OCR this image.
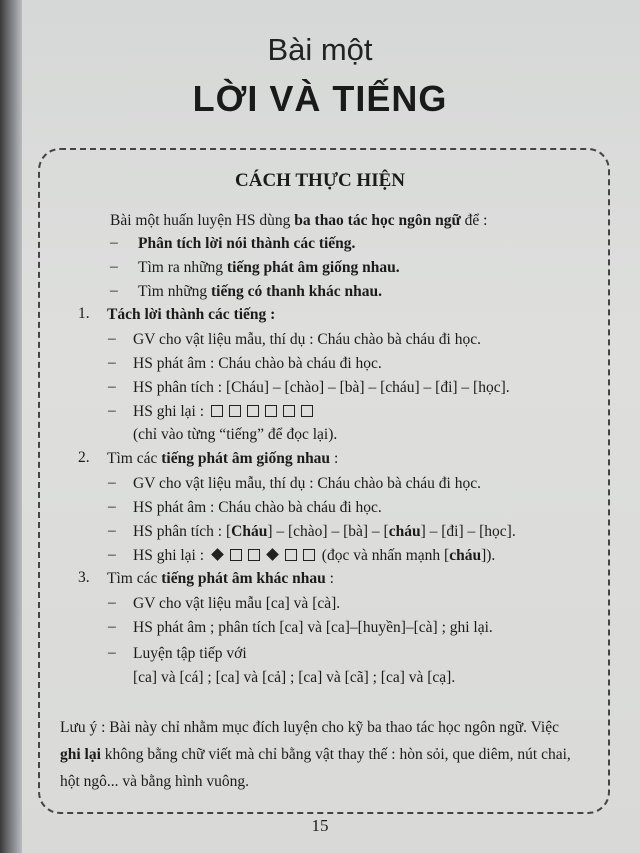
Bài một
LỜI VÀ TIẾNG
CÁCH THỰC HIỆN
Bài một huấn luyện HS dùng ba thao tác học ngôn ngữ để :
– Phân tích lời nói thành các tiếng.
– Tìm ra những tiếng phát âm giống nhau.
– Tìm những tiếng có thanh khác nhau.
1. Tách lời thành các tiếng :
– GV cho vật liệu mẫu, thí dụ : Cháu chào bà cháu đi học.
– HS phát âm : Cháu chào bà cháu đi học.
– HS phân tích : [Cháu] – [chào] – [bà] – [cháu] – [đi] – [học].
– HS ghi lại :
(chỉ vào từng “tiếng” để đọc lại).
2. Tìm các tiếng phát âm giống nhau :
– GV cho vật liệu mẫu, thí dụ : Cháu chào bà cháu đi học.
– HS phát âm : Cháu chào bà cháu đi học.
– HS phân tích : [Cháu] – [chào] – [bà] – [cháu] – [đi] – [học].
– HS ghi lại :	(đọc và nhấn mạnh [cháu]).
3. Tìm các tiếng phát âm khác nhau :
– GV cho vật liệu mẫu [ca] và [cà].
– HS phát âm ; phân tích [ca] và [ca]–[huyền]–[cà] ; ghi lại.
– Luyện tập tiếp với
[ca] và [cá] ; [ca] và [cả] ; [ca] và [cã] ; [ca] và [cạ].
Lưu ý : Bài này chỉ nhằm mục đích luyện cho kỹ ba thao tác học ngôn ngữ. Việc ghi lại không bằng chữ viết mà chỉ bằng vật thay thế : hòn sỏi, que diêm, nút chai, hột ngô... và bằng hình vuông.
15
